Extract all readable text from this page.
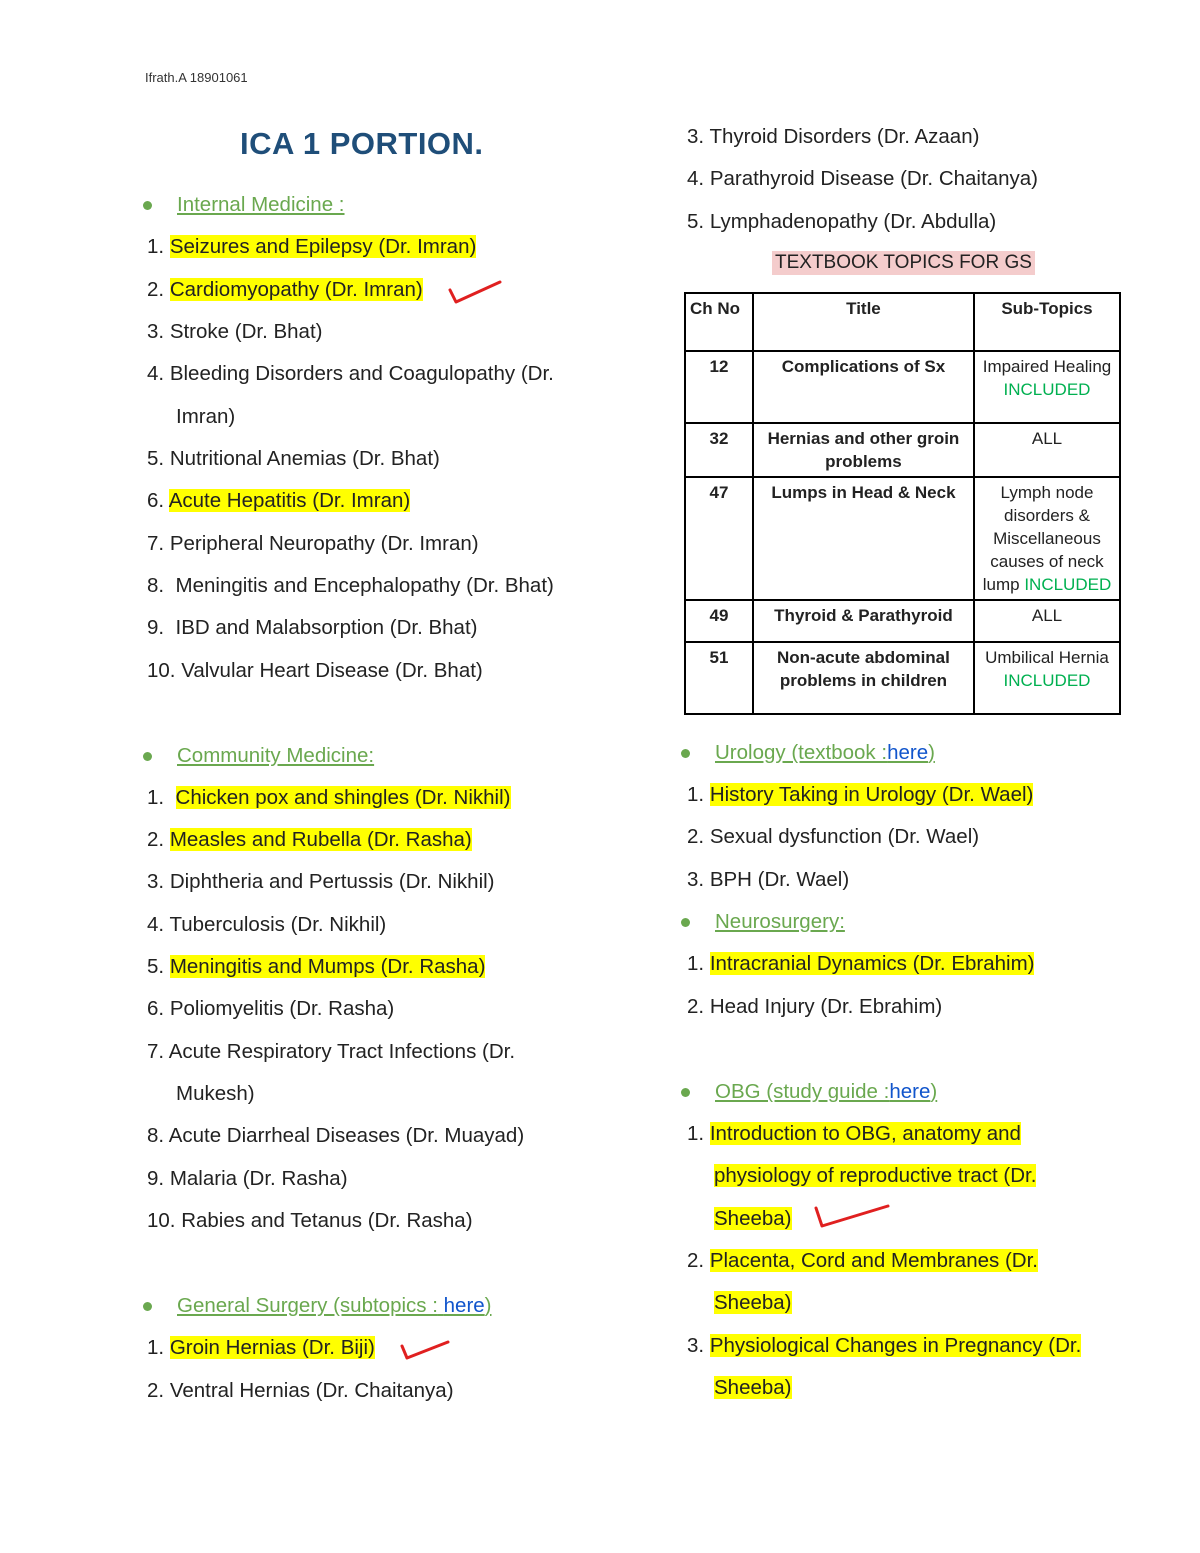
Ifrath.A 18901061
ICA 1 PORTION.
Internal Medicine :
1. Seizures and Epilepsy (Dr. Imran)
2. Cardiomyopathy (Dr. Imran)
3. Stroke (Dr. Bhat)
4. Bleeding Disorders and Coagulopathy (Dr.
Imran)
5. Nutritional Anemias (Dr. Bhat)
6. Acute Hepatitis (Dr. Imran)
7. Peripheral Neuropathy (Dr. Imran)
8. Meningitis and Encephalopathy (Dr. Bhat)
9. IBD and Malabsorption (Dr. Bhat)
10. Valvular Heart Disease (Dr. Bhat)
Community Medicine:
1. Chicken pox and shingles (Dr. Nikhil)
2. Measles and Rubella (Dr. Rasha)
3. Diphtheria and Pertussis (Dr. Nikhil)
4. Tuberculosis (Dr. Nikhil)
5. Meningitis and Mumps (Dr. Rasha)
6. Poliomyelitis (Dr. Rasha)
7. Acute Respiratory Tract Infections (Dr.
Mukesh)
8. Acute Diarrheal Diseases (Dr. Muayad)
9. Malaria (Dr. Rasha)
10. Rabies and Tetanus (Dr. Rasha)
General Surgery (subtopics :
here )
1. Groin Hernias (Dr. Biji)
2. Ventral Hernias (Dr. Chaitanya)
3. Thyroid Disorders (Dr. Azaan)
4. Parathyroid Disease (Dr. Chaitanya)
5. Lymphadenopathy (Dr. Abdulla)
TEXTBOOK TOPICS FOR GS
Ch No	Title	Sub-Topics
12	Complications of Sx	Impaired Healing
INCLUDED
32	Hernias and other groin problems	ALL
47	Lumps in Head & Neck	Lymph node disorders & Miscellaneous causes of neck lump INCLUDED
49	Thyroid & Parathyroid	ALL
51	Non-acute abdominal problems in children	Umbilical Hernia
INCLUDED
Urology (textbook : here )
1. History Taking in Urology (Dr. Wael)
2. Sexual dysfunction (Dr. Wael)
3. BPH (Dr. Wael)
Neurosurgery:
1. Intracranial Dynamics (Dr. Ebrahim)
2. Head Injury (Dr. Ebrahim)
OBG (study guide : here )
1. Introduction to OBG, anatomy and
physiology of reproductive tract (Dr.
Sheeba)
2. Placenta, Cord and Membranes (Dr.
Sheeba)
3. Physiological Changes in Pregnancy (Dr.
Sheeba)
